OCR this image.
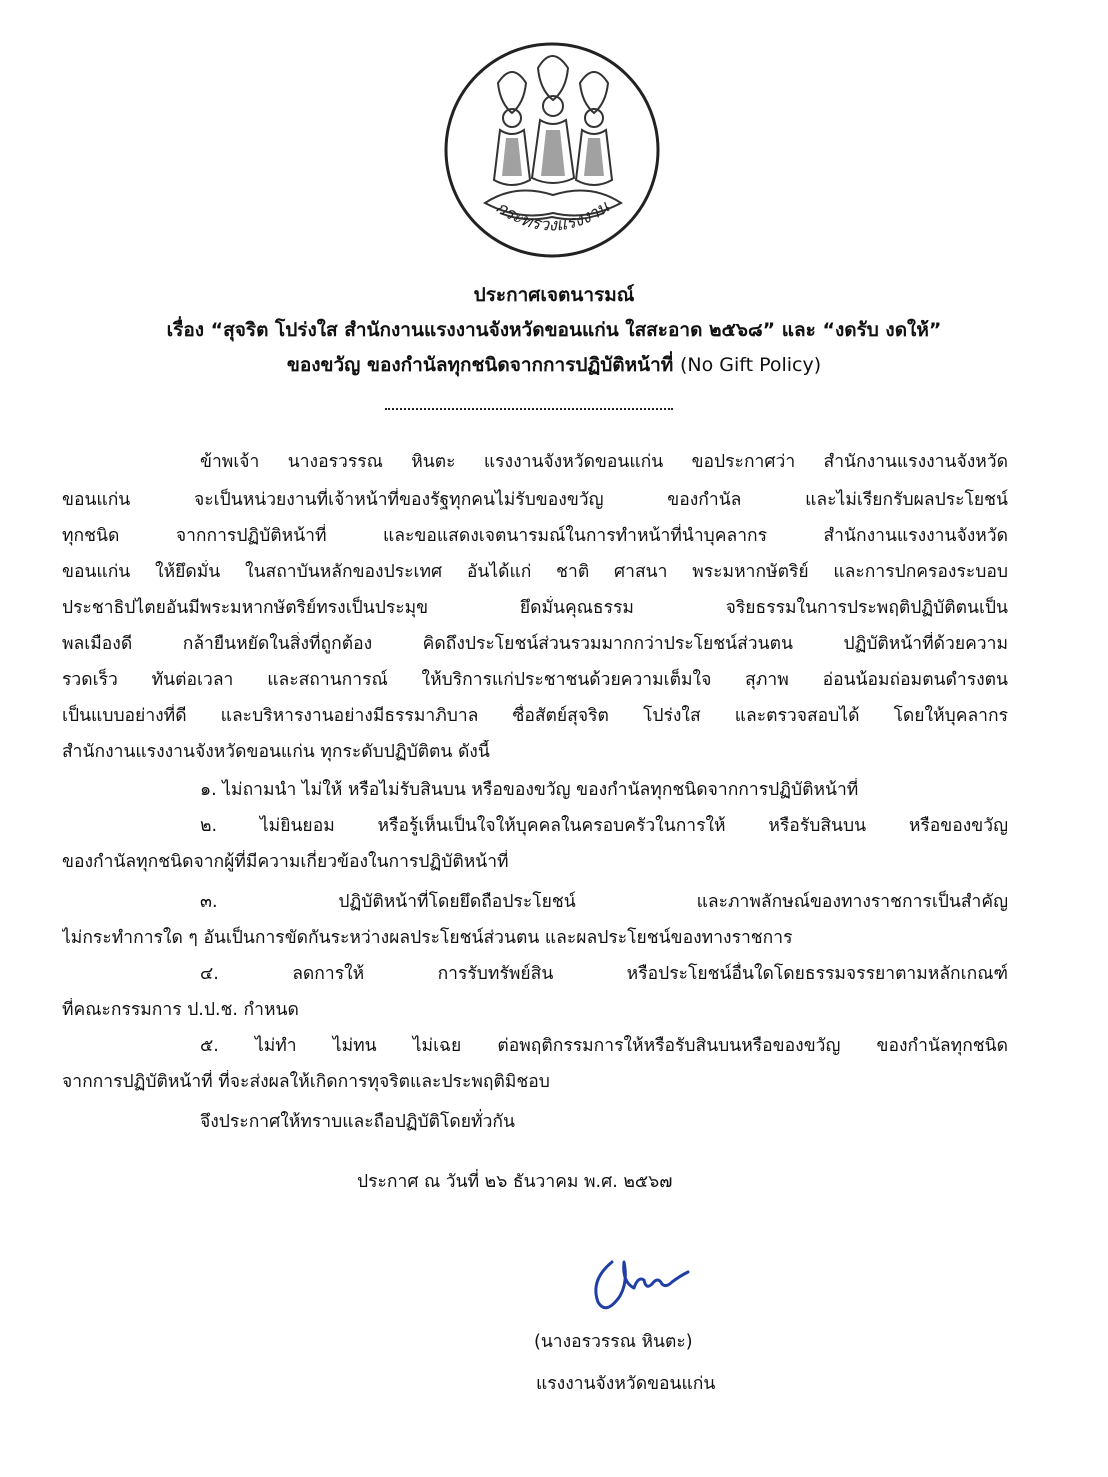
กระทรวงแรงงาน
ประกาศเจตนารมณ์
เรื่อง “สุจริต โปร่งใส สำนักงานแรงงานจังหวัดขอนแก่น ใสสะอาด ๒๕๖๘” และ “งดรับ งดให้”
ของขวัญ ของกำนัลทุกชนิดจากการปฏิบัติหน้าที่ (No Gift Policy)
ข้าพเจ้า นางอรวรรณ หินตะ แรงงานจังหวัดขอนแก่น ขอประกาศว่า สำนักงานแรงงานจังหวัด
ขอนแก่น จะเป็นหน่วยงานที่เจ้าหน้าที่ของรัฐทุกคนไม่รับของขวัญ ของกำนัล และไม่เรียกรับผลประโยชน์
ทุกชนิด จากการปฏิบัติหน้าที่ และขอแสดงเจตนารมณ์ในการทำหน้าที่นำบุคลากร สำนักงานแรงงานจังหวัด
ขอนแก่น ให้ยึดมั่น ในสถาบันหลักของประเทศ อันได้แก่ ชาติ ศาสนา พระมหากษัตริย์ และการปกครองระบอบ
ประชาธิปไตยอันมีพระมหากษัตริย์ทรงเป็นประมุข ยึดมั่นคุณธรรม จริยธรรมในการประพฤติปฏิบัติตนเป็น
พลเมืองดี กล้ายืนหยัดในสิ่งที่ถูกต้อง คิดถึงประโยชน์ส่วนรวมมากกว่าประโยชน์ส่วนตน ปฏิบัติหน้าที่ด้วยความ
รวดเร็ว ทันต่อเวลา และสถานการณ์ ให้บริการแก่ประชาชนด้วยความเต็มใจ สุภาพ อ่อนน้อมถ่อมตนดำรงตน
เป็นแบบอย่างที่ดี และบริหารงานอย่างมีธรรมาภิบาล ซื่อสัตย์สุจริต โปร่งใส และตรวจสอบได้ โดยให้บุคลากร
สำนักงานแรงงานจังหวัดขอนแก่น ทุกระดับปฏิบัติตน ดังนี้
๑. ไม่ถามนำ ไม่ให้ หรือไม่รับสินบน หรือของขวัญ ของกำนัลทุกชนิดจากการปฏิบัติหน้าที่
๒. ไม่ยินยอม หรือรู้เห็นเป็นใจให้บุคคลในครอบครัวในการให้ หรือรับสินบน หรือของขวัญ
ของกำนัลทุกชนิดจากผู้ที่มีความเกี่ยวข้องในการปฏิบัติหน้าที่
๓. ปฏิบัติหน้าที่โดยยึดถือประโยชน์ และภาพลักษณ์ของทางราชการเป็นสำคัญ
ไม่กระทำการใด ๆ อันเป็นการขัดกันระหว่างผลประโยชน์ส่วนตน และผลประโยชน์ของทางราชการ
๔. ลดการให้ การรับทรัพย์สิน หรือประโยชน์อื่นใดโดยธรรมจรรยาตามหลักเกณฑ์
ที่คณะกรรมการ ป.ป.ช. กำหนด
๕. ไม่ทำ ไม่ทน ไม่เฉย ต่อพฤติกรรมการให้หรือรับสินบนหรือของขวัญ ของกำนัลทุกชนิด
จากการปฏิบัติหน้าที่ ที่จะส่งผลให้เกิดการทุจริตและประพฤติมิชอบ
จึงประกาศให้ทราบและถือปฏิบัติโดยทั่วกัน
ประกาศ ณ วันที่ ๒๖ ธันวาคม พ.ศ. ๒๕๖๗
(นางอรวรรณ หินตะ)
แรงงานจังหวัดขอนแก่น
